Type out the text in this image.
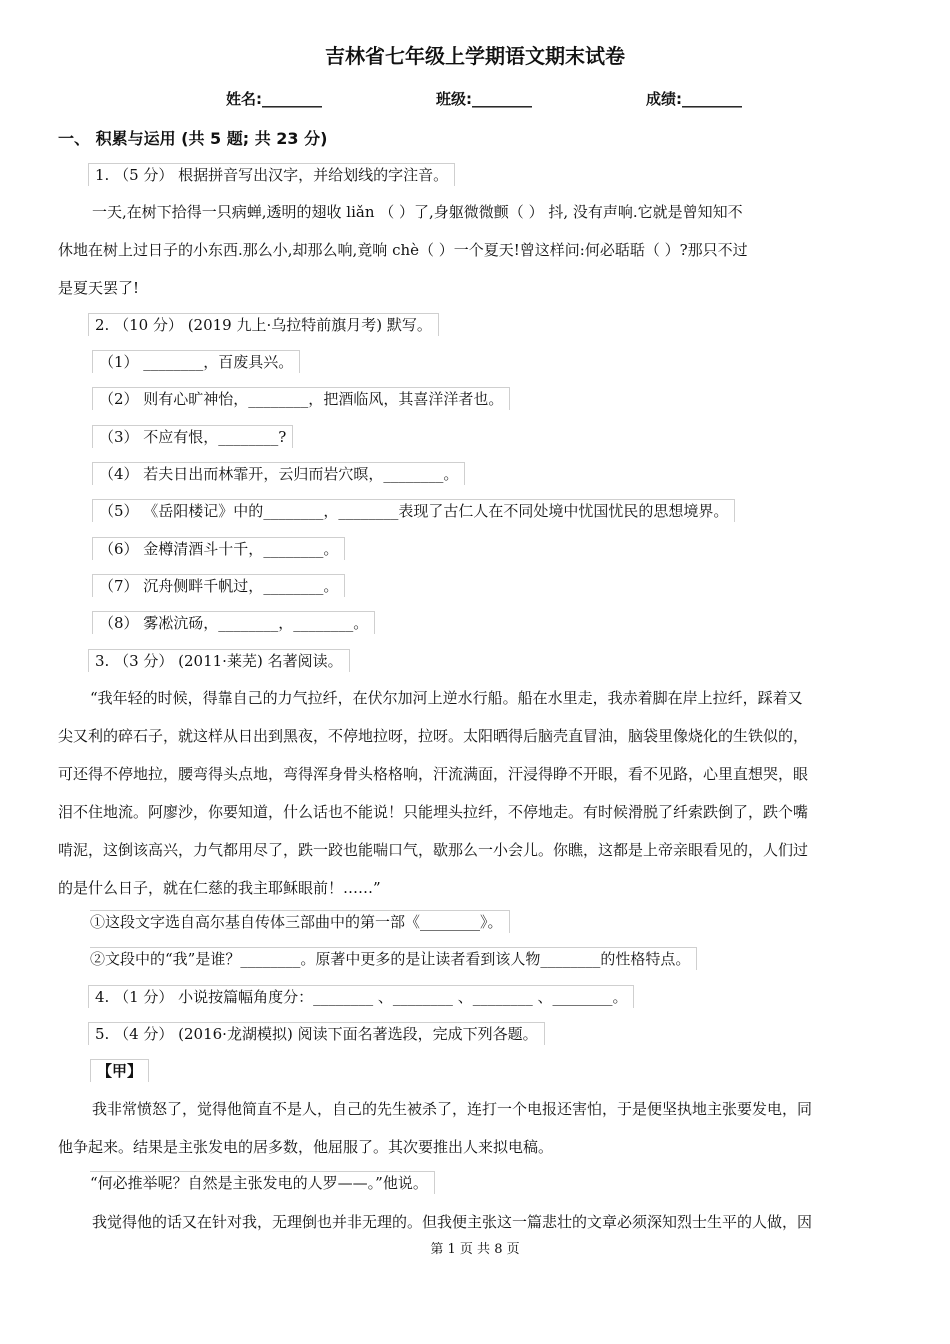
吉林省七年级上学期语文期末试卷
姓名:________	班级:________	成绩:________
一、 积累与运用 (共 5 题; 共 23 分)
1. （5 分） 根据拼音写出汉字，并给划线的字注音。
一天,在树下拾得一只病蝉,透明的翅收 liǎn （ ）了,身躯微微颤（ ） 抖, 没有声响.它就是曾知知不
休地在树上过日子的小东西.那么小,却那么响,竟响 chè（ ）一个夏天!曾这样问:何必聒聒（ ）?那只不过
是夏天罢了!
2. （10 分） (2019 九上·乌拉特前旗月考) 默写。
（1） ________，百废具兴。
（2） 则有心旷神怡，________，把酒临风，其喜洋洋者也。
（3） 不应有恨，________?
（4） 若夫日出而林霏开，云归而岩穴暝，________。
（5） 《岳阳楼记》中的________，________表现了古仁人在不同处境中忧国忧民的思想境界。
（6） 金樽清酒斗十千，________。
（7） 沉舟侧畔千帆过，________。
（8） 雾凇沆砀，________，________。
3. （3 分） (2011·莱芜) 名著阅读。
“我年轻的时候，得靠自己的力气拉纤，在伏尔加河上逆水行船。船在水里走，我赤着脚在岸上拉纤，踩着又
尖又利的碎石子，就这样从日出到黑夜，不停地拉呀，拉呀。太阳晒得后脑壳直冒油，脑袋里像烧化的生铁似的，
可还得不停地拉，腰弯得头点地，弯得浑身骨头格格响，汗流满面，汗浸得睁不开眼，看不见路，心里直想哭，眼
泪不住地流。阿廖沙，你要知道，什么话也不能说！只能埋头拉纤，不停地走。有时候滑脱了纤索跌倒了，跌个嘴
啃泥，这倒该高兴，力气都用尽了，跌一跤也能喘口气，歇那么一小会儿。你瞧，这都是上帝亲眼看见的，人们过
的是什么日子，就在仁慈的我主耶稣眼前！……”
①这段文字选自高尔基自传体三部曲中的第一部《________》。
②文段中的“我”是谁？________。原著中更多的是让读者看到该人物________的性格特点。
4. （1 分） 小说按篇幅角度分：________ 、________ 、________ 、________。
5. （4 分） (2016·龙湖模拟) 阅读下面名著选段，完成下列各题。
【甲】
我非常愤怒了，觉得他简直不是人，自己的先生被杀了，连打一个电报还害怕，于是便坚执地主张要发电，同
他争起来。结果是主张发电的居多数，他屈服了。其次要推出人来拟电稿。
“何必推举呢？自然是主张发电的人罗——。”他说。
我觉得他的话又在针对我，无理倒也并非无理的。但我便主张这一篇悲壮的文章必须深知烈士生平的人做，因
第 1 页 共 8 页
